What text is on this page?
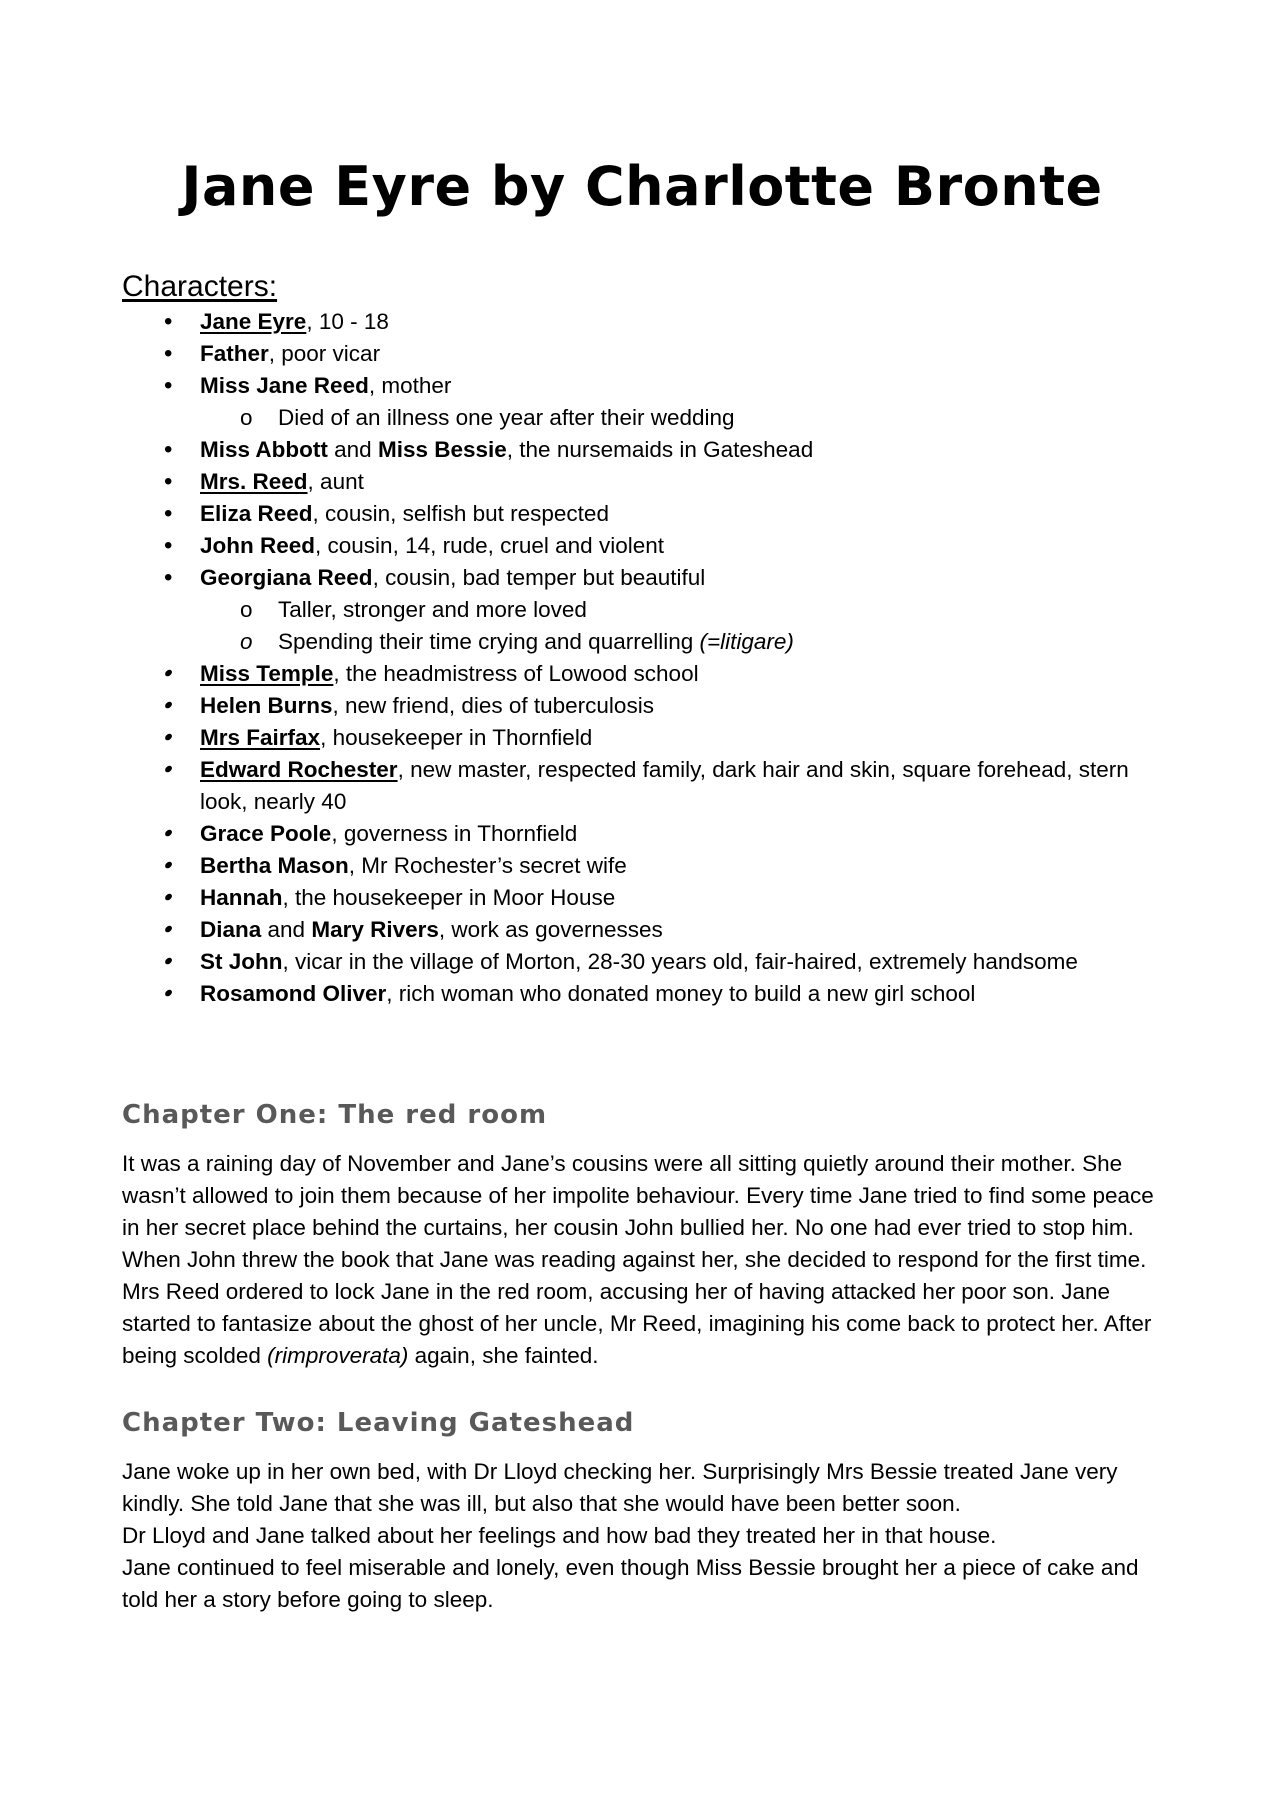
Jane Eyre by Charlotte Bronte
Characters:
• Jane Eyre, 10 - 18
• Father, poor vicar
• Miss Jane Reed, mother
o Died of an illness one year after their wedding
• Miss Abbott and Miss Bessie, the nursemaids in Gateshead
• Mrs. Reed, aunt
• Eliza Reed, cousin, selfish but respected
• John Reed, cousin, 14, rude, cruel and violent
• Georgiana Reed, cousin, bad temper but beautiful
o Taller, stronger and more loved
o Spending their time crying and quarrelling (=litigare)
• Miss Temple, the headmistress of Lowood school
• Helen Burns, new friend, dies of tuberculosis
• Mrs Fairfax, housekeeper in Thornfield
• Edward Rochester, new master, respected family, dark hair and skin, square forehead, stern look, nearly 40
• Grace Poole, governess in Thornfield
• Bertha Mason, Mr Rochester’s secret wife
• Hannah, the housekeeper in Moor House
• Diana and Mary Rivers, work as governesses
• St John, vicar in the village of Morton, 28-30 years old, fair-haired, extremely handsome
• Rosamond Oliver, rich woman who donated money to build a new girl school
Chapter One: The red room

It was a raining day of November and Jane’s cousins were all sitting quietly around their mother. She wasn’t allowed to join them because of her impolite behaviour. Every time Jane tried to find some peace in her secret place behind the curtains, her cousin John bullied her. No one had ever tried to stop him. When John threw the book that Jane was reading against her, she decided to respond for the first time. Mrs Reed ordered to lock Jane in the red room, accusing her of having attacked her poor son. Jane started to fantasize about the ghost of her uncle, Mr Reed, imagining his come back to protect her. After being scolded (rimproverata) again, she fainted.

Chapter Two: Leaving Gateshead

Jane woke up in her own bed, with Dr Lloyd checking her. Surprisingly Mrs Bessie treated Jane very kindly. She told Jane that she was ill, but also that she would have been better soon.
Dr Lloyd and Jane talked about her feelings and how bad they treated her in that house.
Jane continued to feel miserable and lonely, even though Miss Bessie brought her a piece of cake and told her a story before going to sleep.
